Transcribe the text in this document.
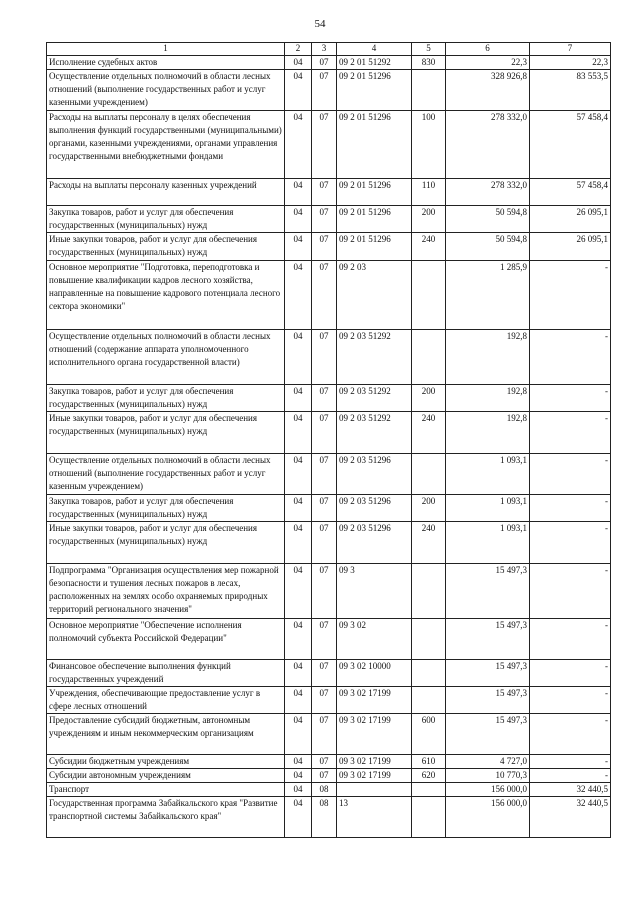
54
1	2	3	4	5	6	7
Исполнение судебных актов	04	07	09 2 01 51292	830	22,3	22,3
Осуществление отдельных полномочий в области лесных отношений (выполнение государственных работ и услуг казенными учреждением)	04	07	09 2 01 51296		328 926,8	83 553,5
Расходы на выплаты персоналу в целях обеспечения выполнения функций государственными (муниципальными) органами, казенными учреждениями, органами управления государственными внебюджетными фондами	04	07	09 2 01 51296	100	278 332,0	57 458,4
Расходы на выплаты персоналу казенных учреждений	04	07	09 2 01 51296	110	278 332,0	57 458,4
Закупка товаров, работ и услуг для обеспечения государственных (муниципальных) нужд	04	07	09 2 01 51296	200	50 594,8	26 095,1
Иные закупки товаров, работ и услуг для обеспечения государственных (муниципальных) нужд	04	07	09 2 01 51296	240	50 594,8	26 095,1
Основное мероприятие "Подготовка, переподготовка и повышение квалификации кадров лесного хозяйства, направленные на повышение кадрового потенциала лесного сектора экономики"	04	07	09 2 03		1 285,9	-
Осуществление отдельных полномочий в области лесных отношений (содержание аппарата уполномоченного исполнительного органа государственной власти)	04	07	09 2 03 51292		192,8	-
Закупка товаров, работ и услуг для обеспечения государственных (муниципальных) нужд	04	07	09 2 03 51292	200	192,8	-
Иные закупки товаров, работ и услуг для обеспечения государственных (муниципальных) нужд	04	07	09 2 03 51292	240	192,8	-
Осуществление отдельных полномочий в области лесных отношений (выполнение государственных работ и услуг казенным учреждением)	04	07	09 2 03 51296		1 093,1	-
Закупка товаров, работ и услуг для обеспечения государственных (муниципальных) нужд	04	07	09 2 03 51296	200	1 093,1	-
Иные закупки товаров, работ и услуг для обеспечения государственных (муниципальных) нужд	04	07	09 2 03 51296	240	1 093,1	-
Подпрограмма "Организация осуществления мер пожарной безопасности и тушения лесных пожаров в лесах, расположенных на землях особо охраняемых природных территорий регионального значения"	04	07	09 3		15 497,3	-
Основное мероприятие "Обеспечение исполнения полномочий субъекта Российской Федерации"	04	07	09 3 02		15 497,3	-
Финансовое обеспечение выполнения функций государственных учреждений	04	07	09 3 02 10000		15 497,3	-
Учреждения, обеспечивающие предоставление услуг в сфере лесных отношений	04	07	09 3 02 17199		15 497,3	-
Предоставление субсидий бюджетным, автономным учреждениям и иным некоммерческим организациям	04	07	09 3 02 17199	600	15 497,3	-
Субсидии бюджетным учреждениям	04	07	09 3 02 17199	610	4 727,0	-
Субсидии автономным учреждениям	04	07	09 3 02 17199	620	10 770,3	-
Транспорт	04	08			156 000,0	32 440,5
Государственная программа Забайкальского края "Развитие транспортной системы Забайкальского края"	04	08	13		156 000,0	32 440,5
